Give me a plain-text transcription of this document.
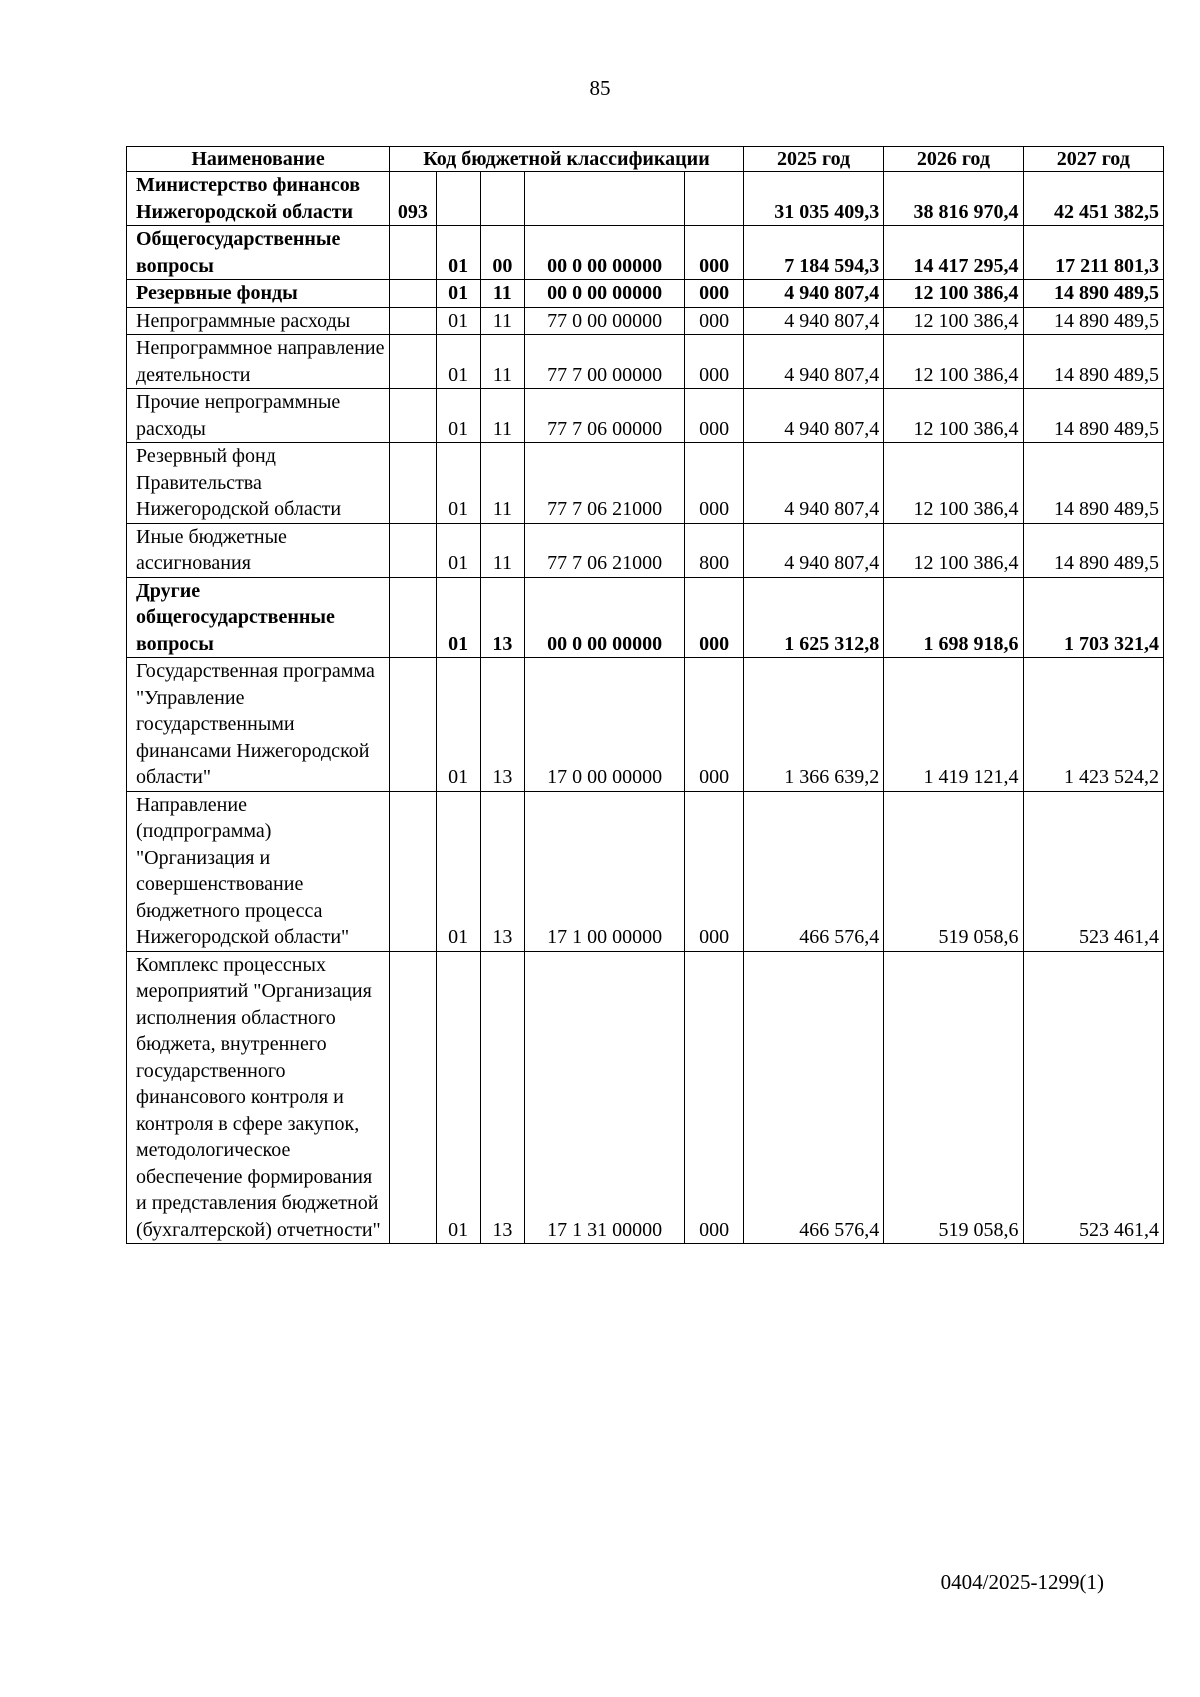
85
Наименование	Код бюджетной классификации					2025 год	2026 год	2027 год
Министерство финансов Нижегородской области	093					31 035 409,3	38 816 970,4	42 451 382,5
Общегосударственные вопросы		01	00	00 0 00 00000	000	7 184 594,3	14 417 295,4	17 211 801,3
Резервные фонды		01	11	00 0 00 00000	000	4 940 807,4	12 100 386,4	14 890 489,5
Непрограммные расходы		01	11	77 0 00 00000	000	4 940 807,4	12 100 386,4	14 890 489,5
Непрограммное направление деятельности		01	11	77 7 00 00000	000	4 940 807,4	12 100 386,4	14 890 489,5
Прочие непрограммные расходы		01	11	77 7 06 00000	000	4 940 807,4	12 100 386,4	14 890 489,5
Резервный фонд Правительства Нижегородской области		01	11	77 7 06 21000	000	4 940 807,4	12 100 386,4	14 890 489,5
Иные бюджетные ассигнования		01	11	77 7 06 21000	800	4 940 807,4	12 100 386,4	14 890 489,5
Другие общегосударственные вопросы		01	13	00 0 00 00000	000	1 625 312,8	1 698 918,6	1 703 321,4
Государственная программа "Управление государственными финансами Нижегородской области"		01	13	17 0 00 00000	000	1 366 639,2	1 419 121,4	1 423 524,2
Направление (подпрограмма) "Организация и совершенствование бюджетного процесса Нижегородской области"		01	13	17 1 00 00000	000	466 576,4	519 058,6	523 461,4
Комплекс процессных мероприятий "Организация исполнения областного бюджета, внутреннего государственного финансового контроля и контроля в сфере закупок, методологическое обеспечение формирования и представления бюджетной (бухгалтерской) отчетности"		01	13	17 1 31 00000	000	466 576,4	519 058,6	523 461,4
0404/2025-1299(1)
